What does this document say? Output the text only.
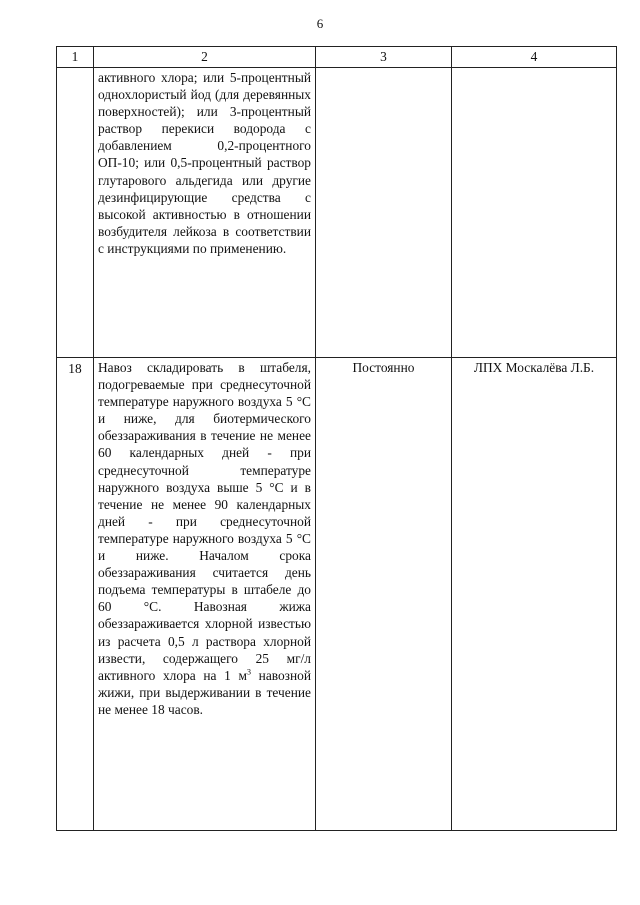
6
1	2	3	4

	активного хлора; или 5-процентный однохлористый йод (для деревянных поверхностей); или 3-процентный раствор перекиси водорода с добавлением 0,2-процентного ОП-10; или 0,5-процентный раствор глутарового альдегида или другие дезинфицирующие средства с высокой активностью в отношении возбудителя лейкоза в соответствии с инструкциями по применению.		

18	Навоз складировать в штабеля, подогреваемые при среднесуточной температуре наружного воздуха 5 °С и ниже, для биотермического обеззараживания в течение не менее 60 календарных дней - при среднесуточной температуре наружного воздуха выше 5 °С и в течение не менее 90 календарных дней - при среднесуточной температуре наружного воздуха 5 °С и ниже. Началом срока обеззараживания считается день подъема температуры в штабеле до 60 °С. Навозная жижа обеззараживается хлорной известью из расчета 0,5 л раствора хлорной извести, содержащего 25 мг/л активного хлора на 1 $м^3$ навозной жижи, при выдерживании в течение не менее 18 часов.	Постоянно	ЛПХ Москалёва Л.Б.
